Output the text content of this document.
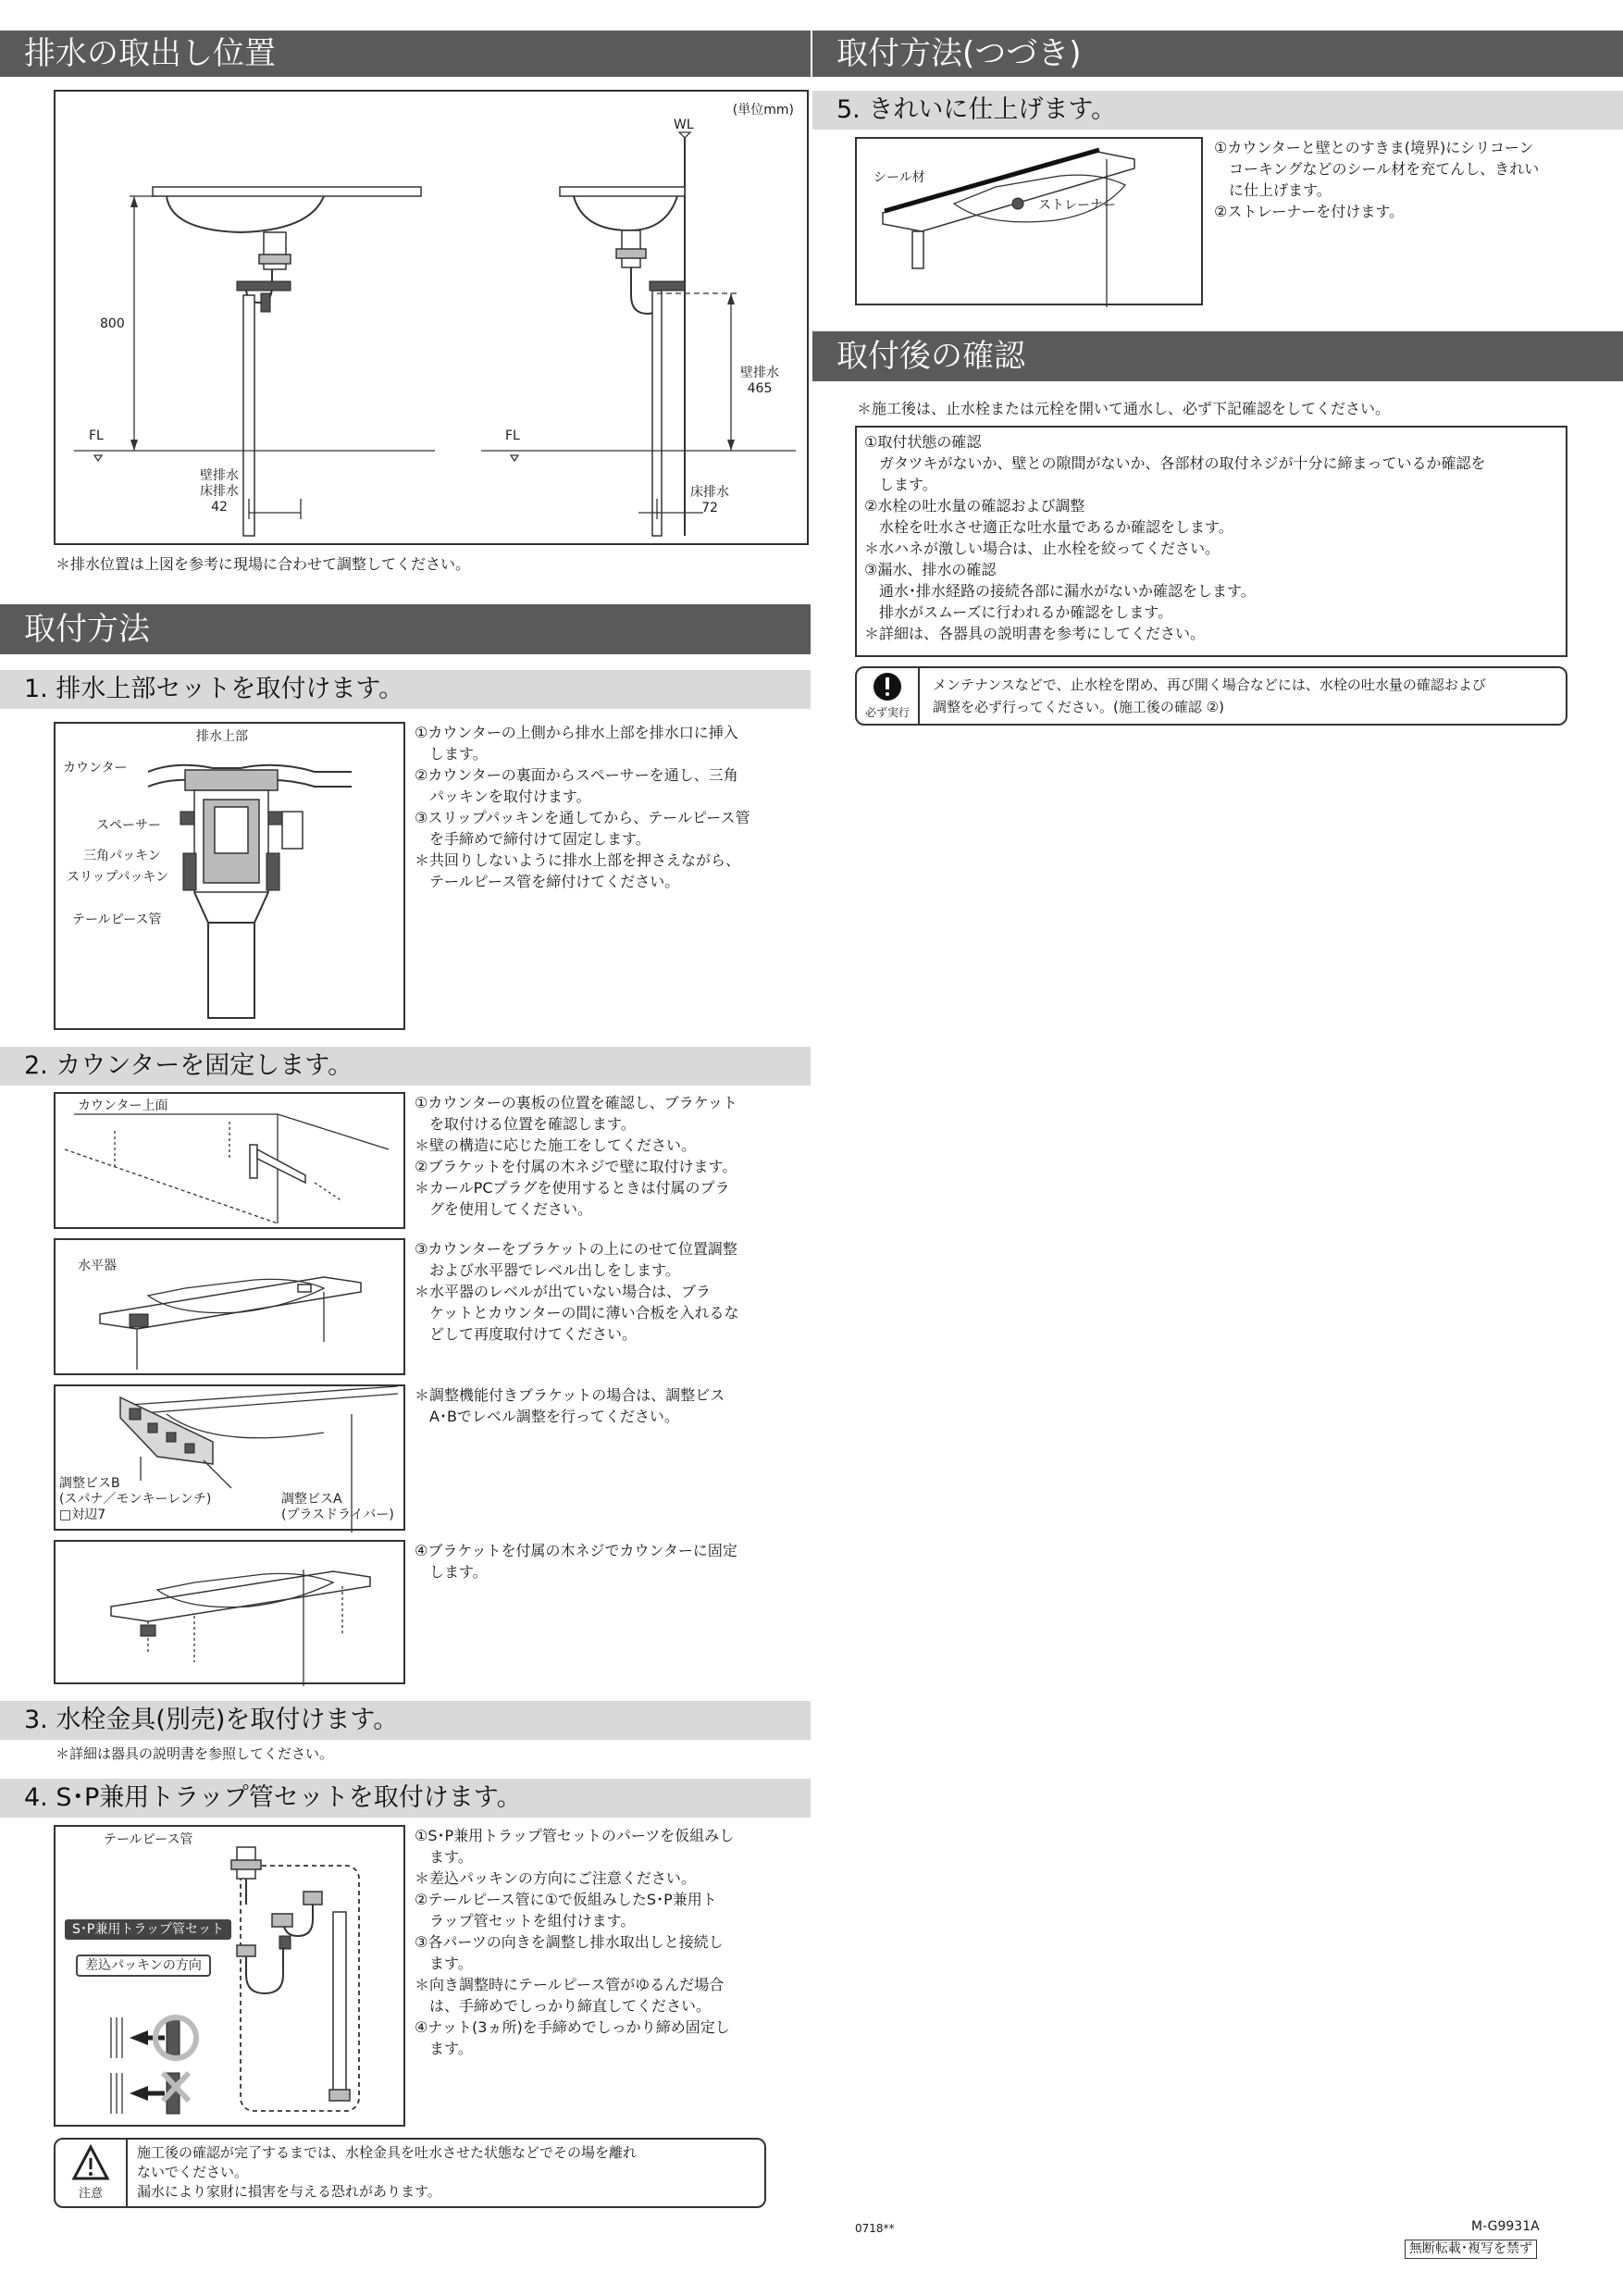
排水の取出し位置
(単位mm)
WL
FL	FL
800
壁排水
465
壁排水
床排水
42
床排水
72
＊排水位置は上図を参考に現場に合わせて調整してください。
取付方法
1. 排水上部セットを取付けます。
排水上部
カウンター
スペーサー
三角パッキン
スリップパッキン
テールピース管
①カウンターの上側から排水上部を排水口に挿入
　します。
②カウンターの裏面からスペーサーを通し、三角
　パッキンを取付けます。
③スリップパッキンを通してから、テールピース管
　を手締めで締付けて固定します。
＊共回りしないように排水上部を押さえながら、
　テールピース管を締付けてください。
2. カウンターを固定します。
カウンター上面	①カウンターの裏板の位置を確認し、ブラケット
　を取付ける位置を確認します。
＊壁の構造に応じた施工をしてください。
②ブラケットを付属の木ネジで壁に取付けます。
＊カールPCプラグを使用するときは付属のプラ
　グを使用してください。
水平器
③カウンターをブラケットの上にのせて位置調整
　および水平器でレベル出しをします。
＊水平器のレベルが出ていない場合は、ブラ
　ケットとカウンターの間に薄い合板を入れるな
　どして再度取付けてください。
調整ビスB
(スパナ／モンキーレンチ)
□対辺7
調整ビスA
(プラスドライバー)
＊調整機能付きブラケットの場合は、調整ビス
　A･Bでレベル調整を行ってください。
④ブラケットを付属の木ネジでカウンターに固定
　します。
3. 水栓金具(別売)を取付けます。
＊詳細は器具の説明書を参照してください。
4. S･P兼用トラップ管セットを取付けます。
テールピース管
S･P兼用トラップ管セット
差込パッキンの方向
①S･P兼用トラップ管セットのパーツを仮組みし
　ます。
＊差込パッキンの方向にご注意ください。
②テールピース管に①で仮組みしたS･P兼用ト
　ラップ管セットを組付けます。
③各パーツの向きを調整し排水取出しと接続し
　ます。
＊向き調整時にテールピース管がゆるんだ場合
　は、手締めでしっかり締直してください。
④ナット(3ヵ所)を手締めでしっかり締め固定し
　ます。
注意
施工後の確認が完了するまでは、水栓金具を吐水させた状態などでその場を離れ
ないでください。
漏水により家財に損害を与える恐れがあります。
取付方法(つづき)
5. きれいに仕上げます。
シール材
ストレーナー
①カウンターと壁とのすきま(境界)にシリコーン
　コーキングなどのシール材を充てんし、きれい
　に仕上げます。
②ストレーナーを付けます。
取付後の確認
＊施工後は、止水栓または元栓を開いて通水し、必ず下記確認をしてください。
①取付状態の確認
　ガタツキがないか、壁との隙間がないか、各部材の取付ネジが十分に締まっているか確認を
　します。
②水栓の吐水量の確認および調整
　水栓を吐水させ適正な吐水量であるか確認をします。
＊水ハネが激しい場合は、止水栓を絞ってください。
③漏水、排水の確認
　通水･排水経路の接続各部に漏水がないか確認をします。
　排水がスムーズに行われるか確認をします。
＊詳細は、各器具の説明書を参考にしてください。
必ず実行
メンテナンスなどで、止水栓を閉め、再び開く場合などには、水栓の吐水量の確認および
調整を必ず行ってください。(施工後の確認 ②)
0718**	M-G9931A
無断転載･複写を禁ず
